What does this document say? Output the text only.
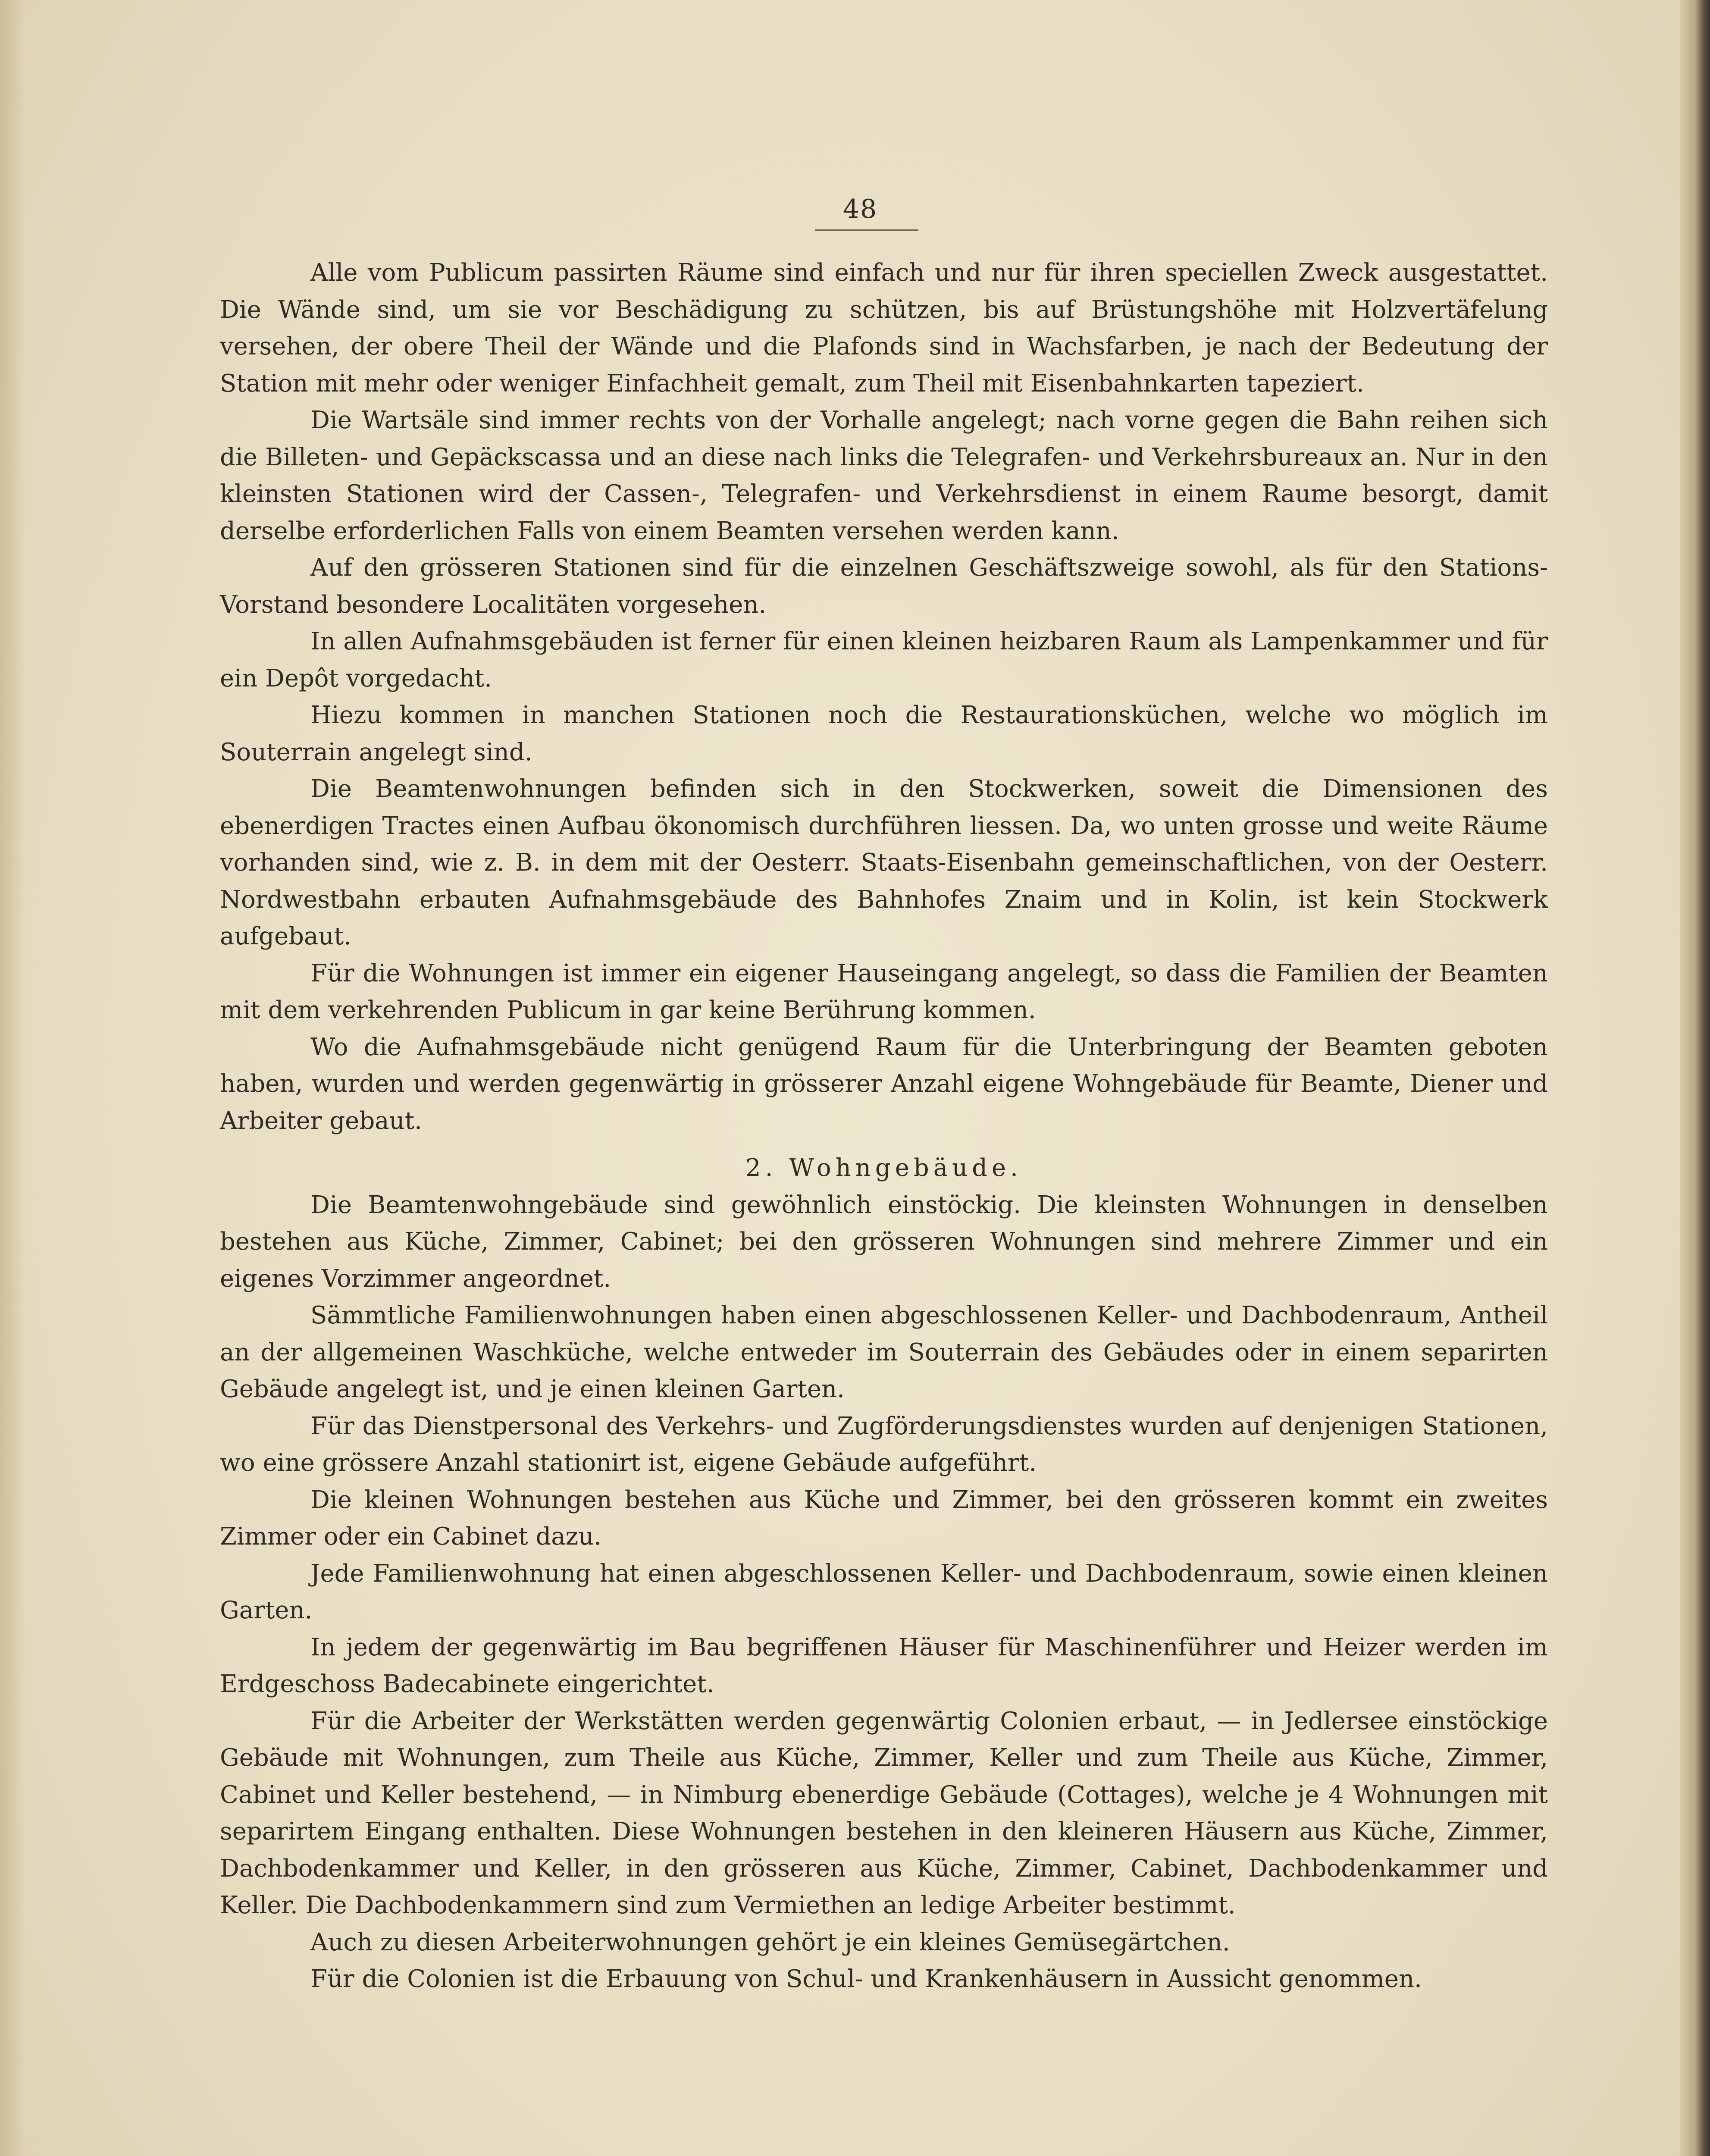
48

Alle vom Publicum passirten Räume sind einfach und nur für ihren speciellen Zweck ausgestattet. Die Wände sind, um sie vor Beschädigung zu schützen, bis auf Brüstungshöhe mit Holzvertäfelung versehen, der obere Theil der Wände und die Plafonds sind in Wachsfarben, je nach der Bedeutung der Station mit mehr oder weniger Einfachheit gemalt, zum Theil mit Eisenbahnkarten tapeziert.

Die Wartsäle sind immer rechts von der Vorhalle angelegt; nach vorne gegen die Bahn reihen sich die Billeten- und Gepäckscassa und an diese nach links die Telegrafen- und Verkehrsbureaux an. Nur in den kleinsten Stationen wird der Cassen-, Telegrafen- und Verkehrsdienst in einem Raume besorgt, damit derselbe erforderlichen Falls von einem Beamten versehen werden kann.

Auf den grösseren Stationen sind für die einzelnen Geschäftszweige sowohl, als für den Stations-Vorstand besondere Localitäten vorgesehen.

In allen Aufnahmsgebäuden ist ferner für einen kleinen heizbaren Raum als Lampenkammer und für ein Depôt vorgedacht.

Hiezu kommen in manchen Stationen noch die Restaurationsküchen, welche wo möglich im Souterrain angelegt sind.

Die Beamtenwohnungen befinden sich in den Stockwerken, soweit die Dimensionen des ebenerdigen Tractes einen Aufbau ökonomisch durchführen liessen. Da, wo unten grosse und weite Räume vorhanden sind, wie z. B. in dem mit der Oesterr. Staats-Eisenbahn gemeinschaftlichen, von der Oesterr. Nordwestbahn erbauten Aufnahmsgebäude des Bahnhofes Znaim und in Kolin, ist kein Stockwerk aufgebaut.

Für die Wohnungen ist immer ein eigener Hauseingang angelegt, so dass die Familien der Beamten mit dem verkehrenden Publicum in gar keine Berührung kommen.

Wo die Aufnahmsgebäude nicht genügend Raum für die Unterbringung der Beamten geboten haben, wurden und werden gegenwärtig in grösserer Anzahl eigene Wohngebäude für Beamte, Diener und Arbeiter gebaut.

2. Wohngebäude.

Die Beamtenwohngebäude sind gewöhnlich einstöckig. Die kleinsten Wohnungen in denselben bestehen aus Küche, Zimmer, Cabinet; bei den grösseren Wohnungen sind mehrere Zimmer und ein eigenes Vorzimmer angeordnet.

Sämmtliche Familienwohnungen haben einen abgeschlossenen Keller- und Dachbodenraum, Antheil an der allgemeinen Waschküche, welche entweder im Souterrain des Gebäudes oder in einem separirten Gebäude angelegt ist, und je einen kleinen Garten.

Für das Dienstpersonal des Verkehrs- und Zugförderungsdienstes wurden auf denjenigen Stationen, wo eine grössere Anzahl stationirt ist, eigene Gebäude aufgeführt.

Die kleinen Wohnungen bestehen aus Küche und Zimmer, bei den grösseren kommt ein zweites Zimmer oder ein Cabinet dazu.

Jede Familienwohnung hat einen abgeschlossenen Keller- und Dachbodenraum, sowie einen kleinen Garten.

In jedem der gegenwärtig im Bau begriffenen Häuser für Maschinenführer und Heizer werden im Erdgeschoss Badecabinete eingerichtet.

Für die Arbeiter der Werkstätten werden gegenwärtig Colonien erbaut, — in Jedlersee einstöckige Gebäude mit Wohnungen, zum Theile aus Küche, Zimmer, Keller und zum Theile aus Küche, Zimmer, Cabinet und Keller bestehend, — in Nimburg ebenerdige Gebäude (Cottages), welche je 4 Wohnungen mit separirtem Eingang enthalten. Diese Wohnungen bestehen in den kleineren Häusern aus Küche, Zimmer, Dachbodenkammer und Keller, in den grösseren aus Küche, Zimmer, Cabinet, Dachbodenkammer und Keller. Die Dachbodenkammern sind zum Vermiethen an ledige Arbeiter bestimmt.

Auch zu diesen Arbeiterwohnungen gehört je ein kleines Gemüsegärtchen.

Für die Colonien ist die Erbauung von Schul- und Krankenhäusern in Aussicht genommen.
